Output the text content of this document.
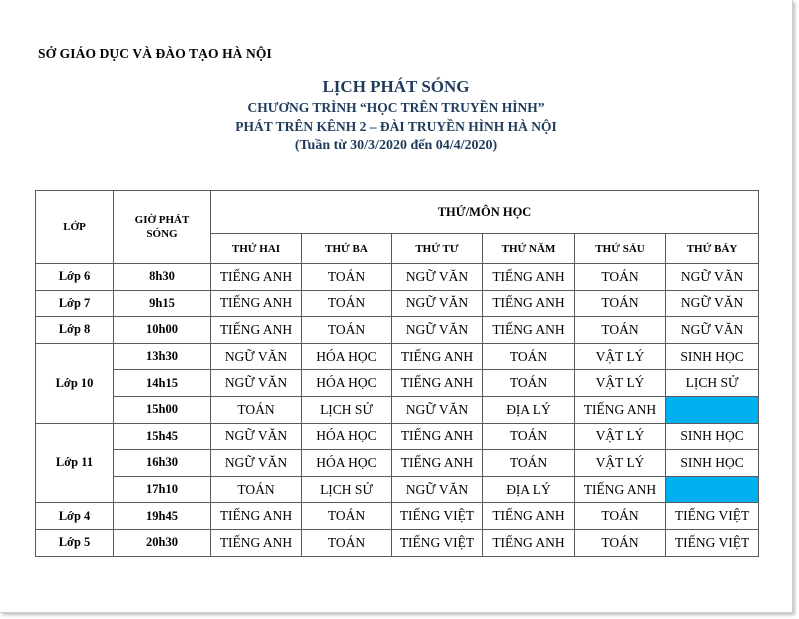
SỞ GIÁO DỤC VÀ ĐÀO TẠO HÀ NỘI
LỊCH PHÁT SÓNG
CHƯƠNG TRÌNH “HỌC TRÊN TRUYỀN HÌNH”
PHÁT TRÊN KÊNH 2 – ĐÀI TRUYỀN HÌNH HÀ NỘI
(Tuần từ 30/3/2020 đến 04/4/2020)
LỚP	GIỜ PHÁT SÓNG	THỨ/MÔN HỌC					
		THỨ HAI	THỨ BA	THỨ TƯ	THỨ NĂM	THỨ SÁU	THỨ BẢY
Lớp 6	8h30	TIẾNG ANH	TOÁN	NGỮ VĂN	TIẾNG ANH	TOÁN	NGỮ VĂN
Lớp 7	9h15	TIẾNG ANH	TOÁN	NGỮ VĂN	TIẾNG ANH	TOÁN	NGỮ VĂN
Lớp 8	10h00	TIẾNG ANH	TOÁN	NGỮ VĂN	TIẾNG ANH	TOÁN	NGỮ VĂN
Lớp 10	13h30	NGỮ VĂN	HÓA HỌC	TIẾNG ANH	TOÁN	VẬT LÝ	SINH HỌC
	14h15	NGỮ VĂN	HÓA HỌC	TIẾNG ANH	TOÁN	VẬT LÝ	LỊCH SỬ
	15h00	TOÁN	LỊCH SỬ	NGỮ VĂN	ĐỊA LÝ	TIẾNG ANH	
Lớp 11	15h45	NGỮ VĂN	HÓA HỌC	TIẾNG ANH	TOÁN	VẬT LÝ	SINH HỌC
	16h30	NGỮ VĂN	HÓA HỌC	TIẾNG ANH	TOÁN	VẬT LÝ	SINH HỌC
	17h10	TOÁN	LỊCH SỬ	NGỮ VĂN	ĐỊA LÝ	TIẾNG ANH	
Lớp 4	19h45	TIẾNG ANH	TOÁN	TIẾNG VIỆT	TIẾNG ANH	TOÁN	TIẾNG VIỆT
Lớp 5	20h30	TIẾNG ANH	TOÁN	TIẾNG VIỆT	TIẾNG ANH	TOÁN	TIẾNG VIỆT
